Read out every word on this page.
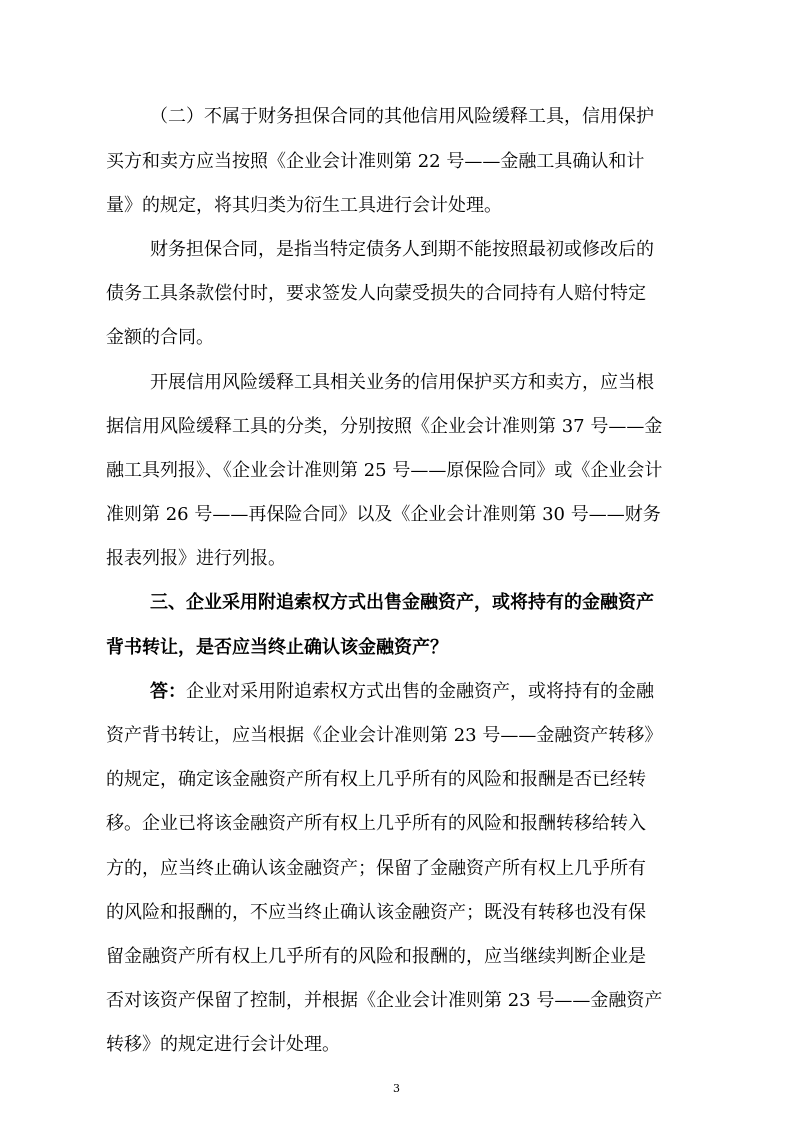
（二）不属于财务担保合同的其他信用风险缓释工具，信用保护
买方和卖方应当按照《企业会计准则第 22 号——金融工具确认和计
量》的规定，将其归类为衍生工具进行会计处理。
财务担保合同，是指当特定债务人到期不能按照最初或修改后的
债务工具条款偿付时，要求签发人向蒙受损失的合同持有人赔付特定
金额的合同。
开展信用风险缓释工具相关业务的信用保护买方和卖方，应当根
据信用风险缓释工具的分类，分别按照《企业会计准则第 37 号——金
融工具列报》、《企业会计准则第 25 号——原保险合同》或《企业会计
准则第 26 号——再保险合同》以及《企业会计准则第 30 号——财务
报表列报》进行列报。
三、企业采用附追索权方式出售金融资产，或将持有的金融资产
背书转让，是否应当终止确认该金融资产？
答：企业对采用附追索权方式出售的金融资产，或将持有的金融
资产背书转让，应当根据《企业会计准则第 23 号——金融资产转移》
的规定，确定该金融资产所有权上几乎所有的风险和报酬是否已经转
移。企业已将该金融资产所有权上几乎所有的风险和报酬转移给转入
方的，应当终止确认该金融资产；保留了金融资产所有权上几乎所有
的风险和报酬的，不应当终止确认该金融资产；既没有转移也没有保
留金融资产所有权上几乎所有的风险和报酬的，应当继续判断企业是
否对该资产保留了控制，并根据《企业会计准则第 23 号——金融资产
转移》的规定进行会计处理。
3
